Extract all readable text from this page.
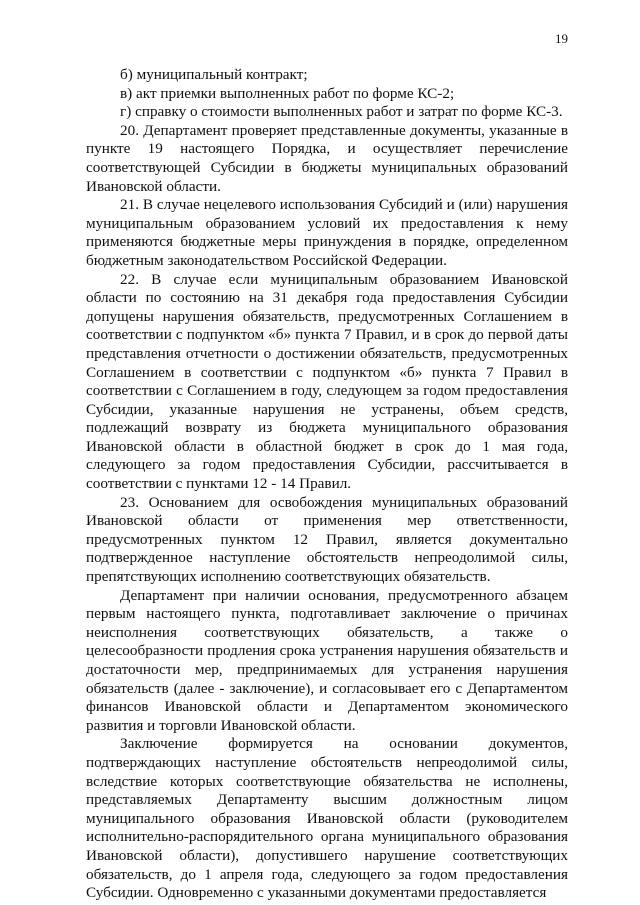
19

б) муниципальный контракт;

в) акт приемки выполненных работ по форме КС-2;

г) справку о стоимости выполненных работ и затрат по форме КС-3.

20. Департамент проверяет представленные документы, указанные в пункте 19 настоящего Порядка, и осуществляет перечисление соответствующей Субсидии в бюджеты муниципальных образований Ивановской области.

21. В случае нецелевого использования Субсидий и (или) нарушения муниципальным образованием условий их предоставления к нему применяются бюджетные меры принуждения в порядке, определенном бюджетным законодательством Российской Федерации.

22. В случае если муниципальным образованием Ивановской области по состоянию на 31 декабря года предоставления Субсидии допущены нарушения обязательств, предусмотренных Соглашением в соответствии с подпунктом «б» пункта 7 Правил, и в срок до первой даты представления отчетности о достижении обязательств, предусмотренных Соглашением в соответствии с подпунктом «б» пункта 7 Правил в соответствии с Соглашением в году, следующем за годом предоставления Субсидии, указанные нарушения не устранены, объем средств, подлежащий возврату из бюджета муниципального образования Ивановской области в областной бюджет в срок до 1 мая года, следующего за годом предоставления Субсидии, рассчитывается в соответствии с пунктами 12 - 14 Правил.

23. Основанием для освобождения муниципальных образований Ивановской области от применения мер ответственности, предусмотренных пунктом 12 Правил, является документально подтвержденное наступление обстоятельств непреодолимой силы, препятствующих исполнению соответствующих обязательств.

Департамент при наличии основания, предусмотренного абзацем первым настоящего пункта, подготавливает заключение о причинах неисполнения соответствующих обязательств, а также о целесообразности продления срока устранения нарушения обязательств и достаточности мер, предпринимаемых для устранения нарушения обязательств (далее - заключение), и согласовывает его с Департаментом финансов Ивановской области и Департаментом экономического развития и торговли Ивановской области.

Заключение формируется на основании документов, подтверждающих наступление обстоятельств непреодолимой силы, вследствие которых соответствующие обязательства не исполнены, представляемых Департаменту высшим должностным лицом муниципального образования Ивановской области (руководителем исполнительно-распорядительного органа муниципального образования Ивановской области), допустившего нарушение соответствующих обязательств, до 1 апреля года, следующего за годом предоставления Субсидии. Одновременно с указанными документами предоставляется
